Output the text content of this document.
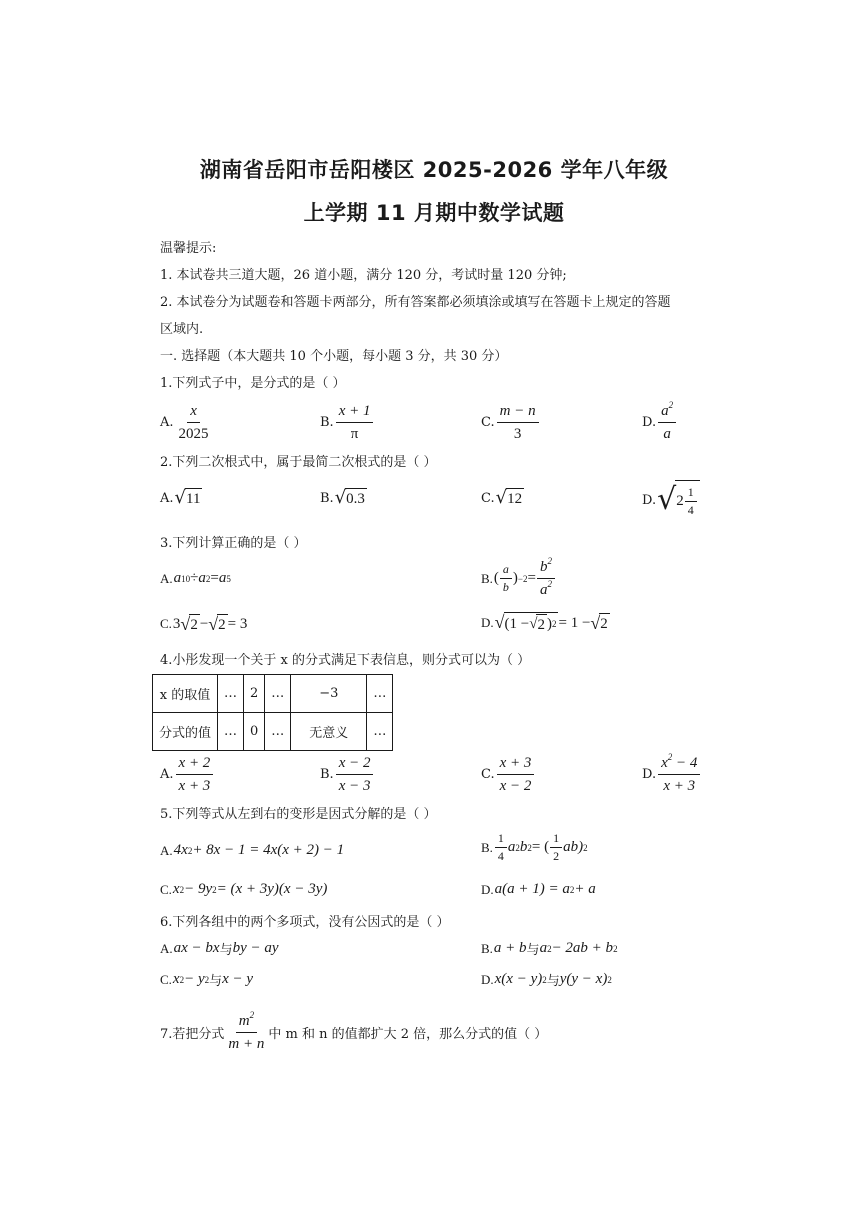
湖南省岳阳市岳阳楼区 2025-2026 学年八年级
上学期 11 月期中数学试题
温馨提示:
1. 本试卷共三道大题，26 道小题，满分 120 分，考试时量 120 分钟;
2. 本试卷分为试题卷和答题卡两部分，所有答案都必须填涂或填写在答题卡上规定的答题
区域内.
一. 选择题（本大题共 10 个小题，每小题 3 分，共 30 分）
1.下列式子中，是分式的是（ ）
A. $\frac{x}{2025}$	B. $\frac{x + 1}{\pi}$	C. $\frac{m - n}{3}$	D. $\frac{a^2}{a}$
2.下列二次根式中，属于最简二次根式的是（ ）
A. √ 11	B. √ 0.3	C. √ 12	D. √ $2 \frac{1}{4}$
3.下列计算正确的是（ ）
A. a 10 ÷ a 2 = a 5	B. ( $\frac{a}{b}$ ) $-2 = \frac{b^2}{a^2}$
C. 3 √ 2 − √ 2 = 3	D. √ (1 − √ 2 ) 2 = 1 − √ 2
4.小彤发现一个关于 x 的分式满足下表信息，则分式可以为（ ）
x 的取值	…	2	…	−3	…
分式的值	…	0	…	无意义	…
A. $\frac{x + 2}{x + 3}$	B. $\frac{x - 2}{x - 3}$	C. $\frac{x + 3}{x - 2}$	D. $\frac{x^2 - 4}{x + 3}$
5.下列等式从左到右的变形是因式分解的是（ ）
A. 4x 2 + 8x − 1 = 4x(x + 2) − 1	B. $\frac{1}{4}$ a 2 b 2 = ( $\frac{1}{2} ab$) 2
C. x 2 − 9y 2 = (x + 3y)(x − 3y)	D. a(a + 1) = a 2 + a
6.下列各组中的两个多项式，没有公因式的是（ ）
A. ax − bx 与 by − ay	B. a + b 与 a 2 − 2ab + b 2
C. x 2 − y 2 与 x − y	D. x(x − y) 2 与 y(y − x) 2
7.若把分式 $\frac{m^2}{m + n}$ 中 m 和 n 的值都扩大 2 倍，那么分式的值（ ）
